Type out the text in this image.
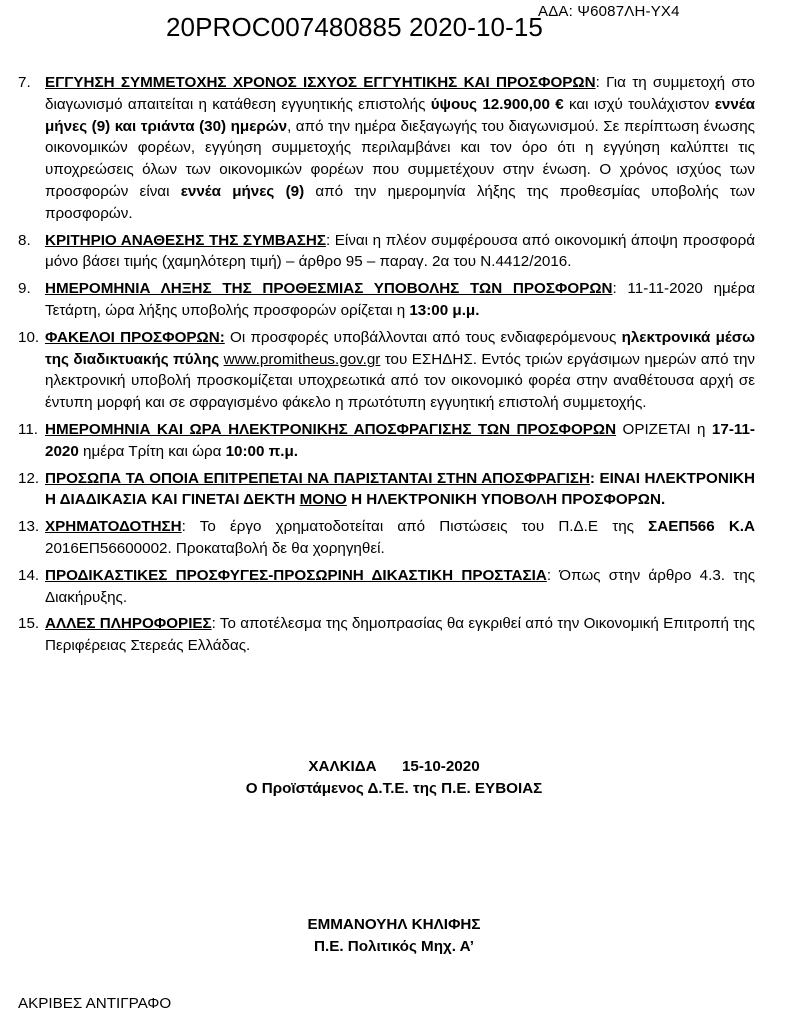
ΑΔΑ: Ψ6087ΛΗ-ΥΧ4
20PROC007480885 2020-10-15
7. ΕΓΓΥΗΣΗ ΣΥΜΜΕΤΟΧΗΣ ΧΡΟΝΟΣ ΙΣΧΥΟΣ ΕΓΓΥΗΤΙΚΗΣ ΚΑΙ ΠΡΟΣΦΟΡΩΝ: Για τη συμμετοχή στο διαγωνισμό απαιτείται η κατάθεση εγγυητικής επιστολής ύψους 12.900,00 € και ισχύ τουλάχιστον εννέα μήνες (9) και τριάντα (30) ημερών, από την ημέρα διεξαγωγής του διαγωνισμού. Σε περίπτωση ένωσης οικονομικών φορέων, εγγύηση συμμετοχής περιλαμβάνει και τον όρο ότι η εγγύηση καλύπτει τις υποχρεώσεις όλων των οικονομικών φορέων που συμμετέχουν στην ένωση. Ο χρόνος ισχύος των προσφορών είναι εννέα μήνες (9) από την ημερομηνία λήξης της προθεσμίας υποβολής των προσφορών.
8. ΚΡΙΤΗΡΙΟ ΑΝΑΘΕΣΗΣ ΤΗΣ ΣΥΜΒΑΣΗΣ: Είναι η πλέον συμφέρουσα από οικονομική άποψη προσφορά μόνο βάσει τιμής (χαμηλότερη τιμή) – άρθρο 95 – παραγ. 2α του Ν.4412/2016.
9. ΗΜΕΡΟΜΗΝΙΑ ΛΗΞΗΣ ΤΗΣ ΠΡΟΘΕΣΜΙΑΣ ΥΠΟΒΟΛΗΣ ΤΩΝ ΠΡΟΣΦΟΡΩΝ: 11-11-2020 ημέρα Τετάρτη, ώρα λήξης υποβολής προσφορών ορίζεται η 13:00 μ.μ.
10. ΦΑΚΕΛΟΙ ΠΡΟΣΦΟΡΩΝ: Οι προσφορές υποβάλλονται από τους ενδιαφερόμενους ηλεκτρονικά μέσω της διαδικτυακής πύλης www.promitheus.gov.gr του ΕΣΗΔΗΣ. Εντός τριών εργάσιμων ημερών από την ηλεκτρονική υποβολή προσκομίζεται υποχρεωτικά από τον οικονομικό φορέα στην αναθέτουσα αρχή σε έντυπη μορφή και σε σφραγισμένο φάκελο η πρωτότυπη εγγυητική επιστολή συμμετοχής.
11. ΗΜΕΡΟΜΗΝΙΑ ΚΑΙ ΩΡΑ ΗΛΕΚΤΡΟΝΙΚΗΣ ΑΠΟΣΦΡΑΓΙΣΗΣ ΤΩΝ ΠΡΟΣΦΟΡΩΝ ΟΡΙΖΕΤΑΙ η 17-11-2020 ημέρα Τρίτη και ώρα 10:00 π.μ.
12. ΠΡΟΣΩΠΑ ΤΑ ΟΠΟΙΑ ΕΠΙΤΡΕΠΕΤΑΙ ΝΑ ΠΑΡΙΣΤΑΝΤΑΙ ΣΤΗΝ ΑΠΟΣΦΡΑΓΙΣΗ: ΕΙΝΑΙ ΗΛΕΚΤΡΟΝΙΚΗ Η ΔΙΑΔΙΚΑΣΙΑ ΚΑΙ ΓΙΝΕΤΑΙ ΔΕΚΤΗ ΜΟΝΟ Η ΗΛΕΚΤΡΟΝΙΚΗ ΥΠΟΒΟΛΗ ΠΡΟΣΦΟΡΩΝ.
13. ΧΡΗΜΑΤΟΔΟΤΗΣΗ: Το έργο χρηματοδοτείται από Πιστώσεις του Π.Δ.Ε της ΣΑΕΠ566 Κ.Α 2016ΕΠ56600002. Προκαταβολή δε θα χορηγηθεί.
14. ΠΡΟΔΙΚΑΣΤΙΚΕΣ ΠΡΟΣΦΥΓΕΣ-ΠΡΟΣΩΡΙΝΗ ΔΙΚΑΣΤΙΚΗ ΠΡΟΣΤΑΣΙΑ: Όπως στην άρθρο 4.3. της Διακήρυξης.
15. ΑΛΛΕΣ ΠΛΗΡΟΦΟΡΙΕΣ: Το αποτέλεσμα της δημοπρασίας θα εγκριθεί από την Οικονομική Επιτροπή της Περιφέρειας Στερεάς Ελλάδας.
ΧΑΛΚΙΔΑ      15-10-2020
Ο Προϊστάμενος Δ.Τ.Ε. της Π.Ε. ΕΥΒΟΙΑΣ
ΕΜΜΑΝΟΥΗΛ ΚΗΛΙΦΗΣ
Π.Ε. Πολιτικός Μηχ. Α’
ΑΚΡΙΒΕΣ ΑΝΤΙΓΡΑΦΟ
